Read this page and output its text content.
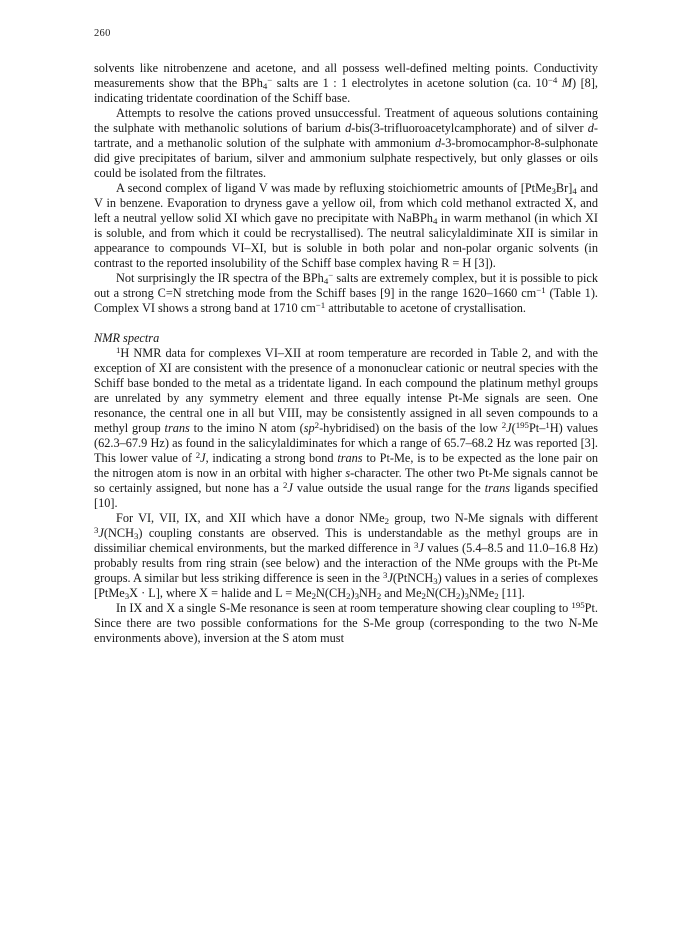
260

solvents like nitrobenzene and acetone, and all possess well-defined melting points. Conductivity measurements show that the BPh$_4$− salts are 1 : 1 electrolytes in acetone solution (ca. $10^{-4}$ M) [8], indicating tridentate coordination of the Schiff base.

Attempts to resolve the cations proved unsuccessful. Treatment of aqueous solutions containing the sulphate with methanolic solutions of barium d-bis(3-trifluoroacetylcamphorate) and of silver d-tartrate, and a methanolic solution of the sulphate with ammonium d-3-bromocamphor-8-sulphonate did give precipitates of barium, silver and ammonium sulphate respectively, but only glasses or oils could be isolated from the filtrates.

A second complex of ligand V was made by refluxing stoichiometric amounts of $[PtMe_3Br]_4$ and V in benzene. Evaporation to dryness gave a yellow oil, from which cold methanol extracted X, and left a neutral yellow solid XI which gave no precipitate with NaBPh$_4$ in warm methanol (in which XI is soluble, and from which it could be recrystallised). The neutral salicylaldiminate XII is similar in appearance to compounds VI–XI, but is soluble in both polar and non-polar organic solvents (in contrast to the reported insolubility of the Schiff base complex having R = H [3]).

Not surprisingly the IR spectra of the BPh$_4$− salts are extremely complex, but it is possible to pick out a strong C=N stretching mode from the Schiff bases [9] in the range 1620–1660 $cm^{-1}$ (Table 1). Complex VI shows a strong band at 1710 $cm^{-1}$ attributable to acetone of crystallisation.

NMR spectra

$^1$H NMR data for complexes VI–XII at room temperature are recorded in Table 2, and with the exception of XI are consistent with the presence of a mononuclear cationic or neutral species with the Schiff base bonded to the metal as a tridentate ligand. In each compound the platinum methyl groups are unrelated by any symmetry element and three equally intense Pt-Me signals are seen. One resonance, the central one in all but VIII, may be consistently assigned in all seven compounds to a methyl group trans to the imino N atom $(sp^2-hybridised)$ on the basis of the low $^2$J($^{195}$Pt–$^1$H) values (62.3–67.9 Hz) as found in the salicylaldiminates for which a range of 65.7–68.2 Hz was reported [3]. This lower value of $^2$J, indicating a strong bond trans to Pt-Me, is to be expected as the lone pair on the nitrogen atom is now in an orbital with higher s-character. The other two Pt-Me signals cannot be so certainly assigned, but none has a $^2$J value outside the usual range for the trans ligands specified [10].

For VI, VII, IX, and XII which have a donor NMe$_2$ group, two N-Me signals with different $^3J(NCH_3)$ coupling constants are observed. This is understandable as the methyl groups are in dissimiliar chemical environments, but the marked difference in $^3$J values (5.4–8.5 and 11.0–16.8 Hz) probably results from ring strain (see below) and the interaction of the NMe groups with the Pt-Me groups. A similar but less striking difference is seen in the $^3$J(PtNCH$_3$) values in a series of complexes [PtMe$_3$X · L], where X = halide and $L = Me_2N(CH_2)_3NH_2$ and $Me_2N(CH_2)_3NMe_2$ [11].

In IX and X a single S-Me resonance is seen at room temperature showing clear coupling to $^{195}$Pt. Since there are two possible conformations for the S-Me group (corresponding to the two N-Me environments above), inversion at the S atom must
